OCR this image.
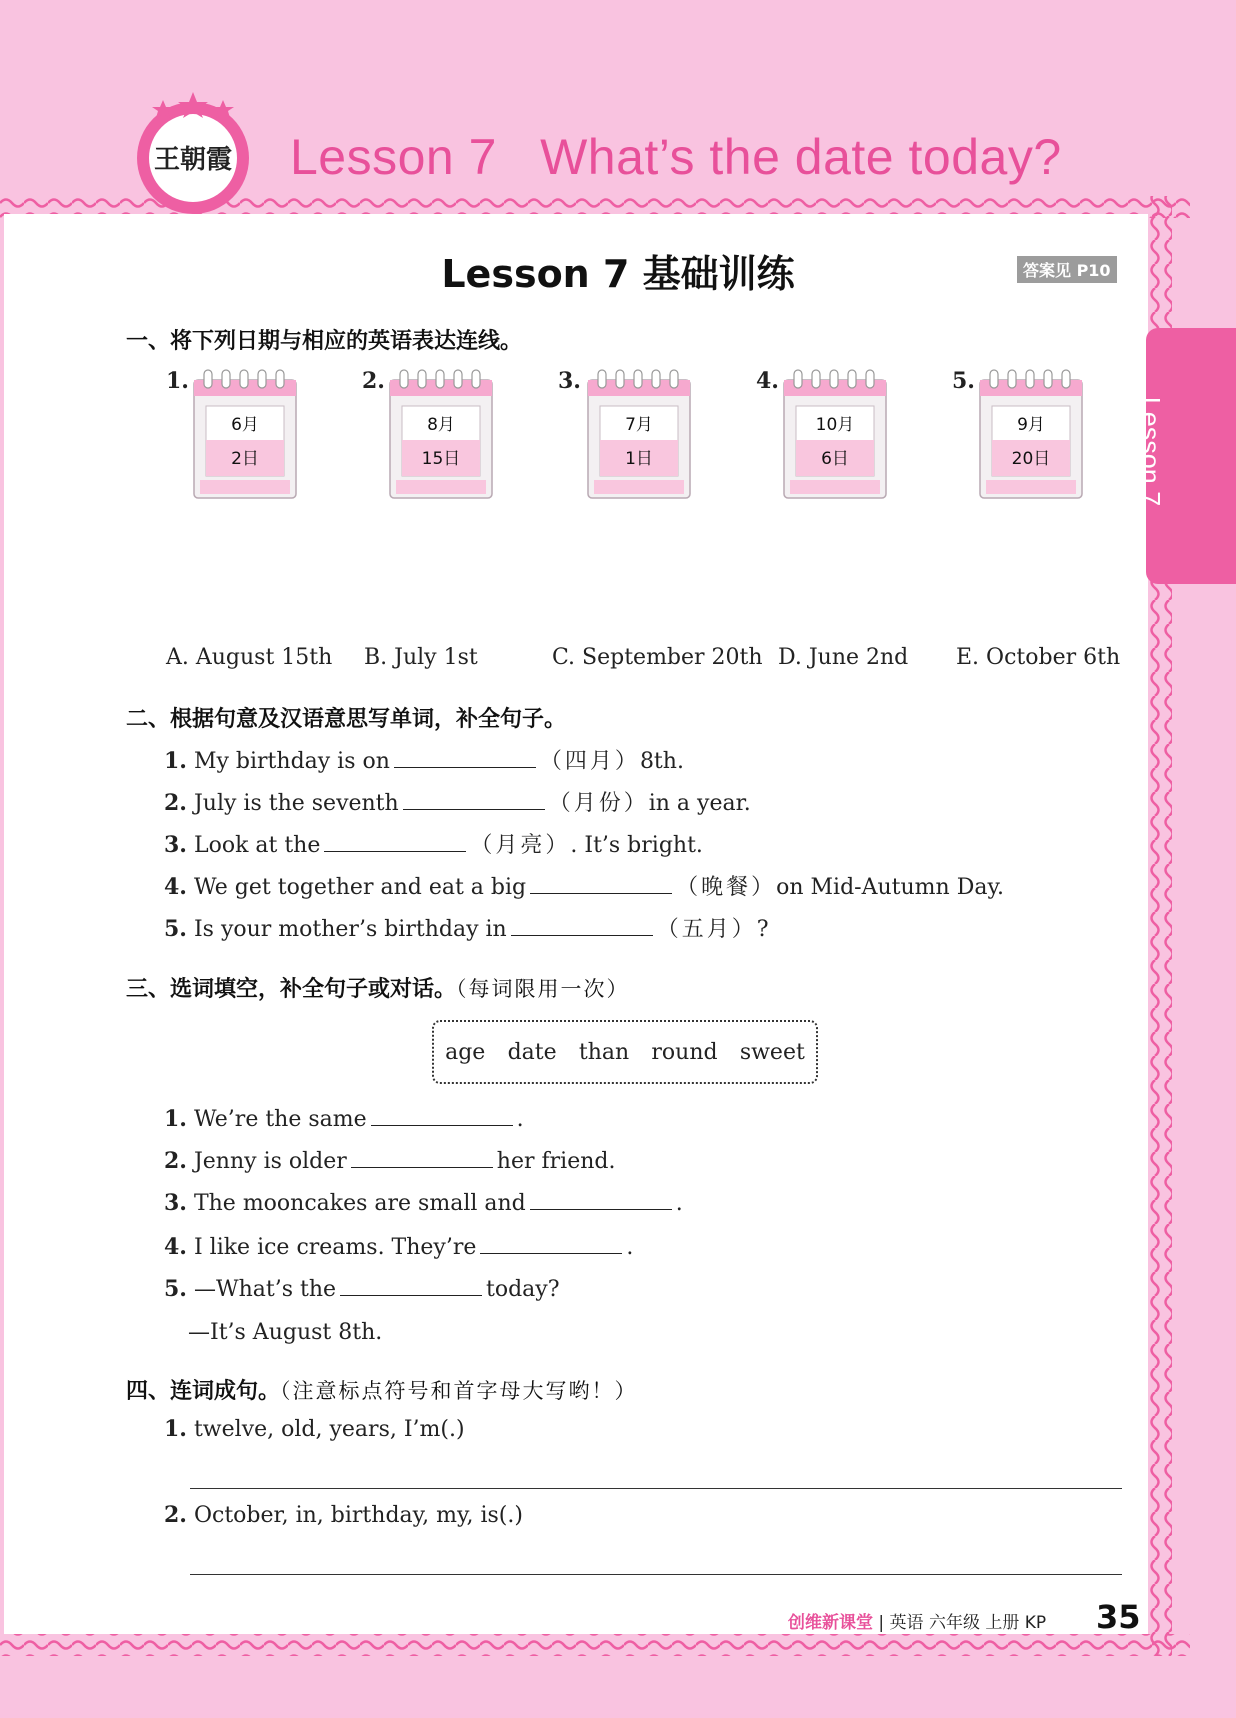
王朝霞 Lesson 7   What’s the date today?
Lesson 7
Lesson 7 基础训练	答案见 P10
一、将下列日期与相应的英语表达连线。
1.	2.	3.	4.	5.
6月
2日
8月
15日
7月
1日
10月
6日
9月
20日
A. August 15th B. July 1st	C. September 20th D. June 2nd E. October 6th
二、根据句意及汉语意思写单词，补全句子。
1. My birthday is on	（四月）8th.
2. July is the seventh	（月份）in a year.
3. Look at the	（月亮）. It’s bright.
4. We get together and eat a big	（晚餐）on Mid-Autumn Day.
5. Is your mother’s birthday in	（五月）?
三、选词填空，补全句子或对话。（每词限用一次）
age date than round sweet
1. We’re the same	.
2. Jenny is older	her friend.
3. The mooncakes are small and	.
4. I like ice creams. They’re	.
5. —What’s the	today?
—It’s August 8th.
四、连词成句。（注意标点符号和首字母大写哟！）
1. twelve, old, years, I’m(.)
2. October, in, birthday, my, is(.)
创维新课堂 | 英语 六年级 上册 KP 35
